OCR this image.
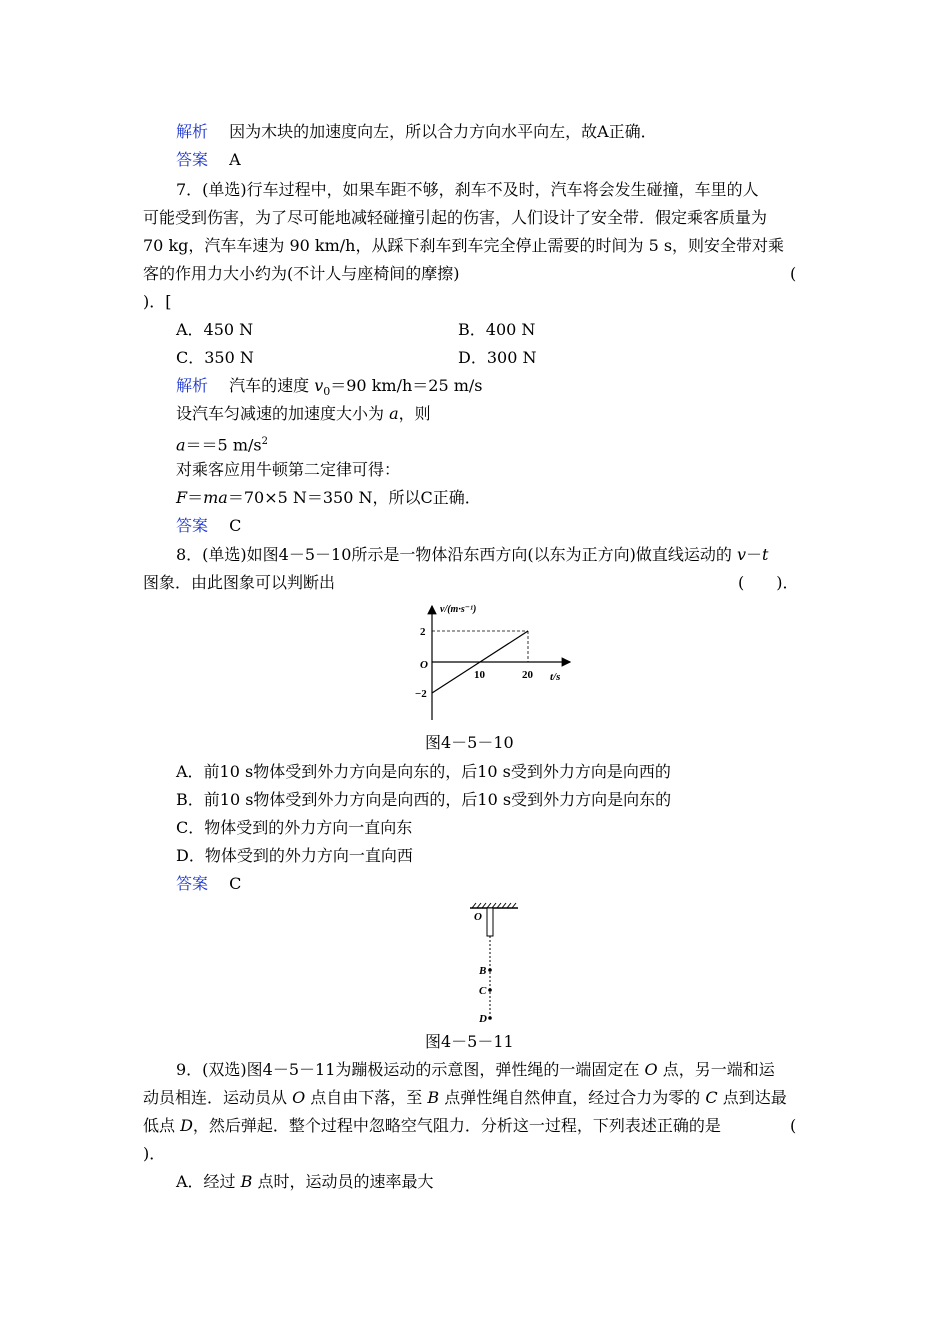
解析　 因为木块的加速度向左，所以合力方向水平向左，故A正确．
答案　 A
7．(单选)行车过程中，如果车距不够，刹车不及时，汽车将会发生碰撞，车里的人
可能受到伤害，为了尽可能地减轻碰撞引起的伤害，人们设计了安全带．假定乘客质量为
70 kg，汽车车速为 90 km/h，从踩下刹车到车完全停止需要的时间为 5 s，则安全带对乘
客的作用力大小约为(不计人与座椅间的摩擦)	(
)．[
A．450 N	B．400 N
C．350 N	D．300 N
解析　 汽车的速度 $v_0=90$ km/h＝25 m/s
设汽车匀减速的加速度大小为 a，则
a＝＝5 $m/s^2$
对乘客应用牛顿第二定律可得：
F＝ma＝70×5 N＝350 N，所以C正确．
答案　 C
8．(单选)如图4－5－10所示是一物体沿东西方向(以东为正方向)做直线运动的 v－t
图象．由此图象可以判断出	(　　)．
v/(m·s⁻¹)
t/s
O
10	20
2
−2
图4－5－10
A．前10 s物体受到外力方向是向东的，后10 s受到外力方向是向西的
B．前10 s物体受到外力方向是向西的，后10 s受到外力方向是向东的
C．物体受到的外力方向一直向东
D．物体受到的外力方向一直向西
答案　 C
O
B
C
D
图4－5－11
9．(双选)图4－5－11为蹦极运动的示意图，弹性绳的一端固定在 O 点，另一端和运
动员相连．运动员从 O 点自由下落，至 B 点弹性绳自然伸直，经过合力为零的 C 点到达最
低点 D，然后弹起．整个过程中忽略空气阻力．分析这一过程，下列表述正确的是	(
)．
A．经过 B 点时，运动员的速率最大
